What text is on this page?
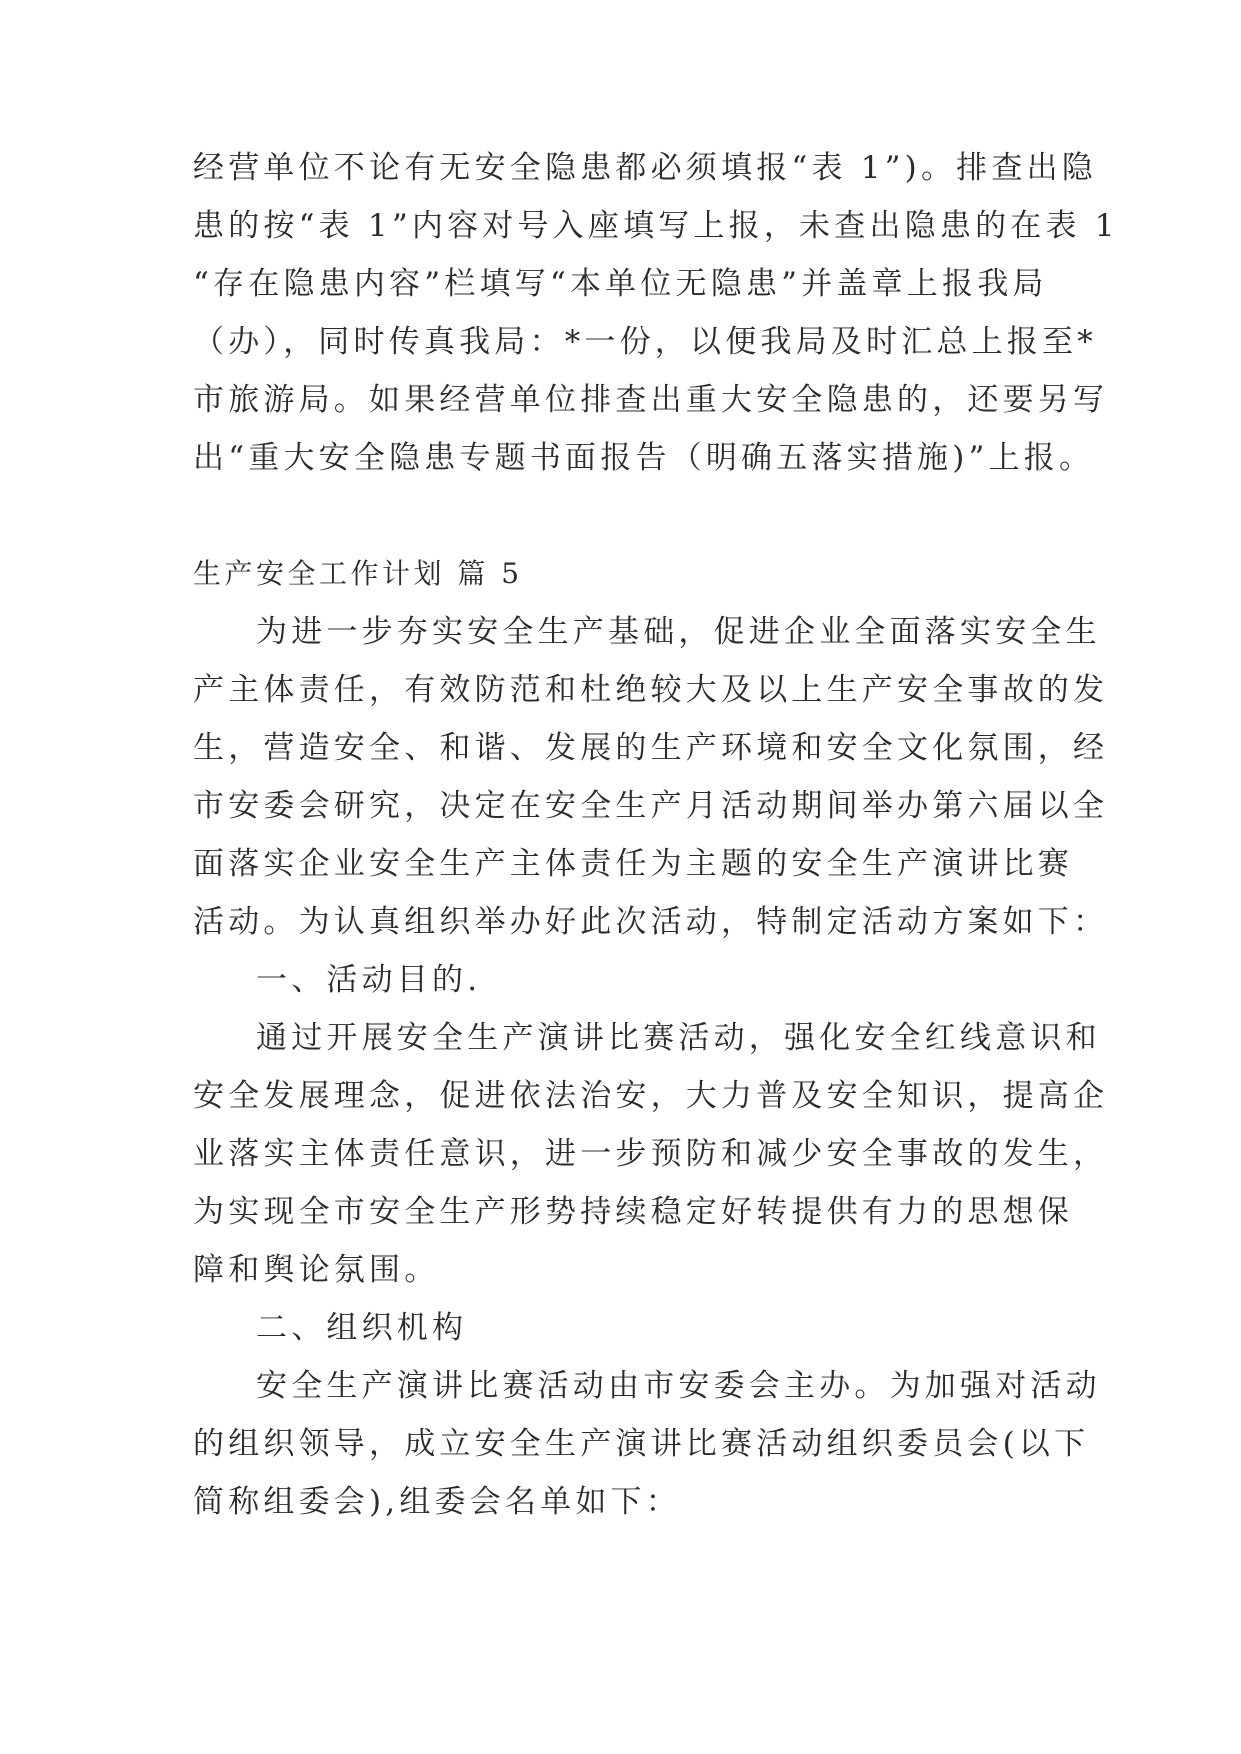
经营单位不论有无安全隐患都必须填报“表 1”)。排查出隐
患的按“表 1”内容对号入座填写上报，未查出隐患的在表 1
“存在隐患内容”栏填写“本单位无隐患”并盖章上报我局
（办），同时传真我局：*一份，以便我局及时汇总上报至*
市旅游局。如果经营单位排查出重大安全隐患的，还要另写
出“重大安全隐患专题书面报告（明确五落实措施)”上报。
生产安全工作计划 篇 5
为进一步夯实安全生产基础，促进企业全面落实安全生
产主体责任，有效防范和杜绝较大及以上生产安全事故的发
生，营造安全、和谐、发展的生产环境和安全文化氛围，经
市安委会研究，决定在安全生产月活动期间举办第六届以全
面落实企业安全生产主体责任为主题的安全生产演讲比赛
活动。为认真组织举办好此次活动，特制定活动方案如下：
一、活动目的.
通过开展安全生产演讲比赛活动，强化安全红线意识和
安全发展理念，促进依法治安，大力普及安全知识，提高企
业落实主体责任意识，进一步预防和减少安全事故的发生，
为实现全市安全生产形势持续稳定好转提供有力的思想保
障和舆论氛围。
二、组织机构
安全生产演讲比赛活动由市安委会主办。为加强对活动
的组织领导，成立安全生产演讲比赛活动组织委员会(以下
简称组委会),组委会名单如下：
